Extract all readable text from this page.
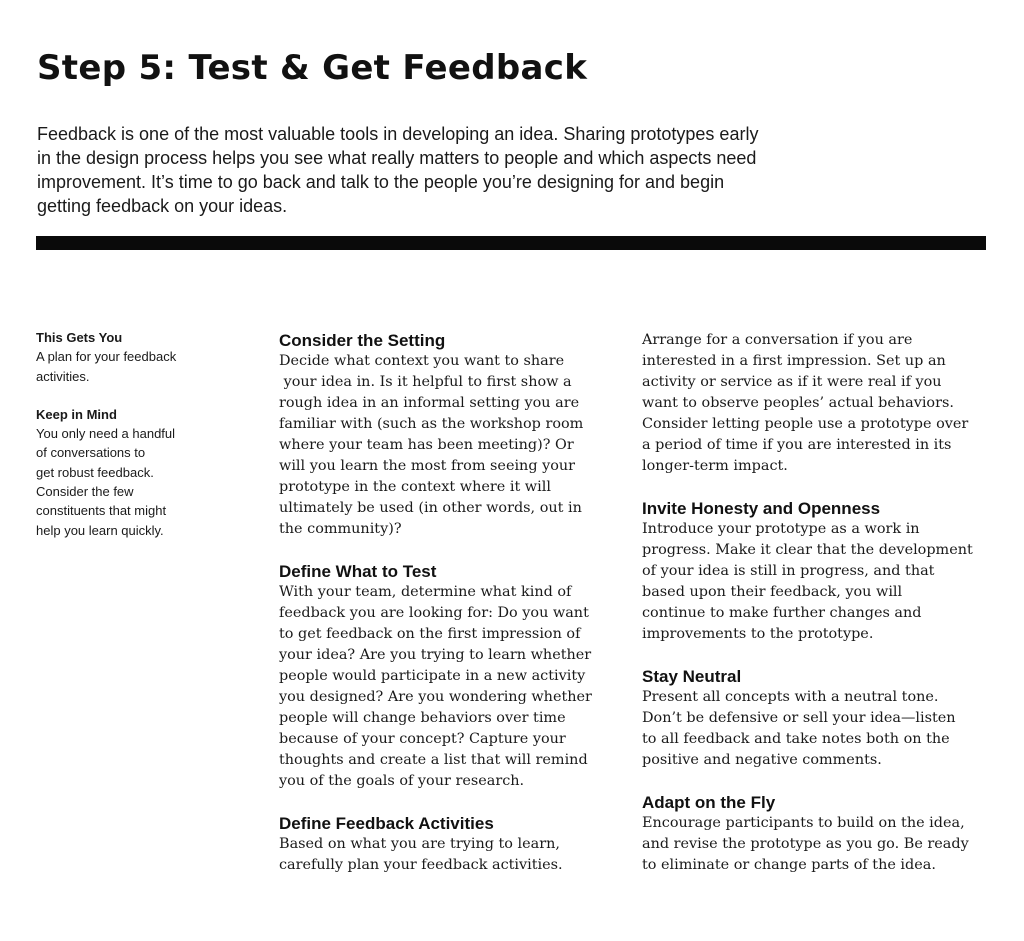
Step 5: Test & Get Feedback

Feedback is one of the most valuable tools in developing an idea. Sharing prototypes early
in the design process helps you see what really matters to people and which aspects need
improvement. It’s time to go back and talk to the people you’re designing for and begin
getting feedback on your ideas.

This Gets You
A plan for your feedback
activities.
Keep in Mind
You only need a handful
of conversations to
get robust feedback.
Consider the few
constituents that might
help you learn quickly.
Consider the Setting
Decide what context you want to share
your idea in. Is it helpful to first show a
rough idea in an informal setting you are
familiar with (such as the workshop room
where your team has been meeting)? Or
will you learn the most from seeing your
prototype in the context where it will
ultimately be used (in other words, out in
the community)?
Define What to Test
With your team, determine what kind of
feedback you are looking for: Do you want
to get feedback on the first impression of
your idea? Are you trying to learn whether
people would participate in a new activity
you designed? Are you wondering whether
people will change behaviors over time
because of your concept? Capture your
thoughts and create a list that will remind
you of the goals of your research.
Define Feedback Activities
Based on what you are trying to learn,
carefully plan your feedback activities.
Arrange for a conversation if you are
interested in a first impression. Set up an
activity or service as if it were real if you
want to observe peoples’ actual behaviors.
Consider letting people use a prototype over
a period of time if you are interested in its
longer-term impact.
Invite Honesty and Openness
Introduce your prototype as a work in
progress. Make it clear that the development
of your idea is still in progress, and that
based upon their feedback, you will
continue to make further changes and
improvements to the prototype.
Stay Neutral
Present all concepts with a neutral tone.
Don’t be defensive or sell your idea—listen
to all feedback and take notes both on the
positive and negative comments.
Adapt on the Fly
Encourage participants to build on the idea,
and revise the prototype as you go. Be ready
to eliminate or change parts of the idea.
